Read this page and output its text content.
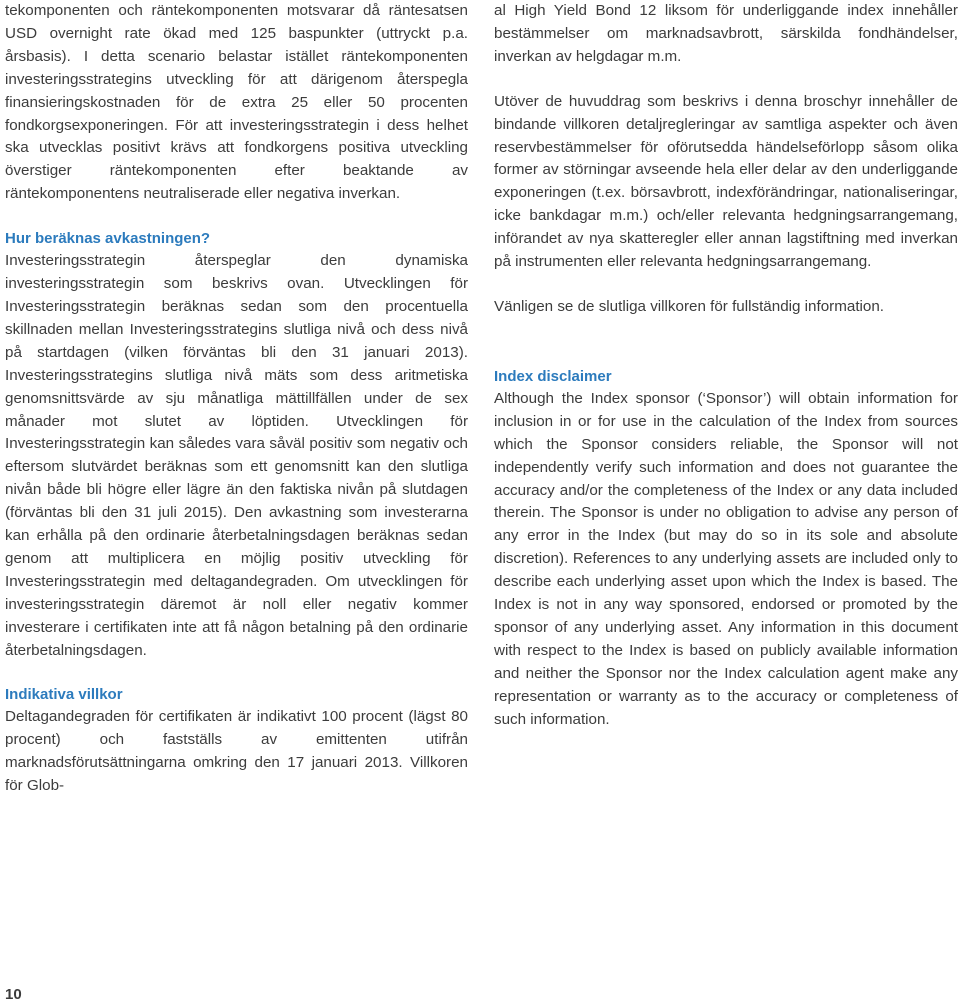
tekomponenten och räntekomponenten motsvarar då räntesatsen USD overnight rate ökad med 125 baspunkter (uttryckt p.a. årsbasis). I detta scenario belastar istället räntekomponenten investeringsstrategins utveckling för att därigenom återspegla finansieringskostnaden för de extra 25 eller 50 procenten fondkorgsexponeringen. För att investeringsstrategin i dess helhet ska utvecklas positivt krävs att fondkorgens positiva utveckling överstiger räntekomponenten efter beaktande av räntekomponentens neutraliserade eller negativa inverkan.

Hur beräknas avkastningen?

Investeringsstrategin återspeglar den dynamiska investeringsstrategin som beskrivs ovan. Utvecklingen för Investeringsstrategin beräknas sedan som den procentuella skillnaden mellan Investeringsstrategins slutliga nivå och dess nivå på startdagen (vilken förväntas bli den 31 januari 2013). Investeringsstrategins slutliga nivå mäts som dess aritmetiska genomsnittsvärde av sju månatliga mättillfällen under de sex månader mot slutet av löptiden. Utvecklingen för Investeringsstrategin kan således vara såväl positiv som negativ och eftersom slutvärdet beräknas som ett genomsnitt kan den slutliga nivån både bli högre eller lägre än den faktiska nivån på slutdagen (förväntas bli den 31 juli 2015). Den avkastning som investerarna kan erhålla på den ordinarie återbetalningsdagen beräknas sedan genom att multiplicera en möjlig positiv utveckling för Investeringsstrategin med deltagandegraden. Om utvecklingen för investeringsstrategin däremot är noll eller negativ kommer investerare i certifikaten inte att få någon betalning på den ordinarie återbetalningsdagen.

Indikativa villkor

Deltagandegraden för certifikaten är indikativt 100 procent (lägst 80 procent) och fastställs av emittenten utifrån marknadsförutsättningarna omkring den 17 januari 2013. Villkoren för Glob-

al High Yield Bond 12 liksom för underliggande index innehåller bestämmelser om marknadsavbrott, särskilda fondhändelser, inverkan av helgdagar m.m.

Utöver de huvuddrag som beskrivs i denna broschyr innehåller de bindande villkoren detaljregleringar av samtliga aspekter och även reservbestämmelser för oförutsedda händelseförlopp såsom olika former av störningar avseende hela eller delar av den underliggande exponeringen (t.ex. börsavbrott, indexförändringar, nationaliseringar, icke bankdagar m.m.) och/eller relevanta hedgningsarrangemang, införandet av nya skatteregler eller annan lagstiftning med inverkan på instrumenten eller relevanta hedgningsarrangemang.

Vänligen se de slutliga villkoren för fullständig information.

Index disclaimer

Although the Index sponsor (‘Sponsor’) will obtain information for inclusion in or for use in the calculation of the Index from sources which the Sponsor considers reliable, the Sponsor will not independently verify such information and does not guarantee the accuracy and/or the completeness of the Index or any data included therein. The Sponsor is under no obligation to advise any person of any error in the Index (but may do so in its sole and absolute discretion). References to any underlying assets are included only to describe each underlying asset upon which the Index is based. The Index is not in any way sponsored, endorsed or promoted by the sponsor of any underlying asset. Any information in this document with respect to the Index is based on publicly available information and neither the Sponsor nor the Index calculation agent make any representation or warranty as to the accuracy or completeness of such information.

10
